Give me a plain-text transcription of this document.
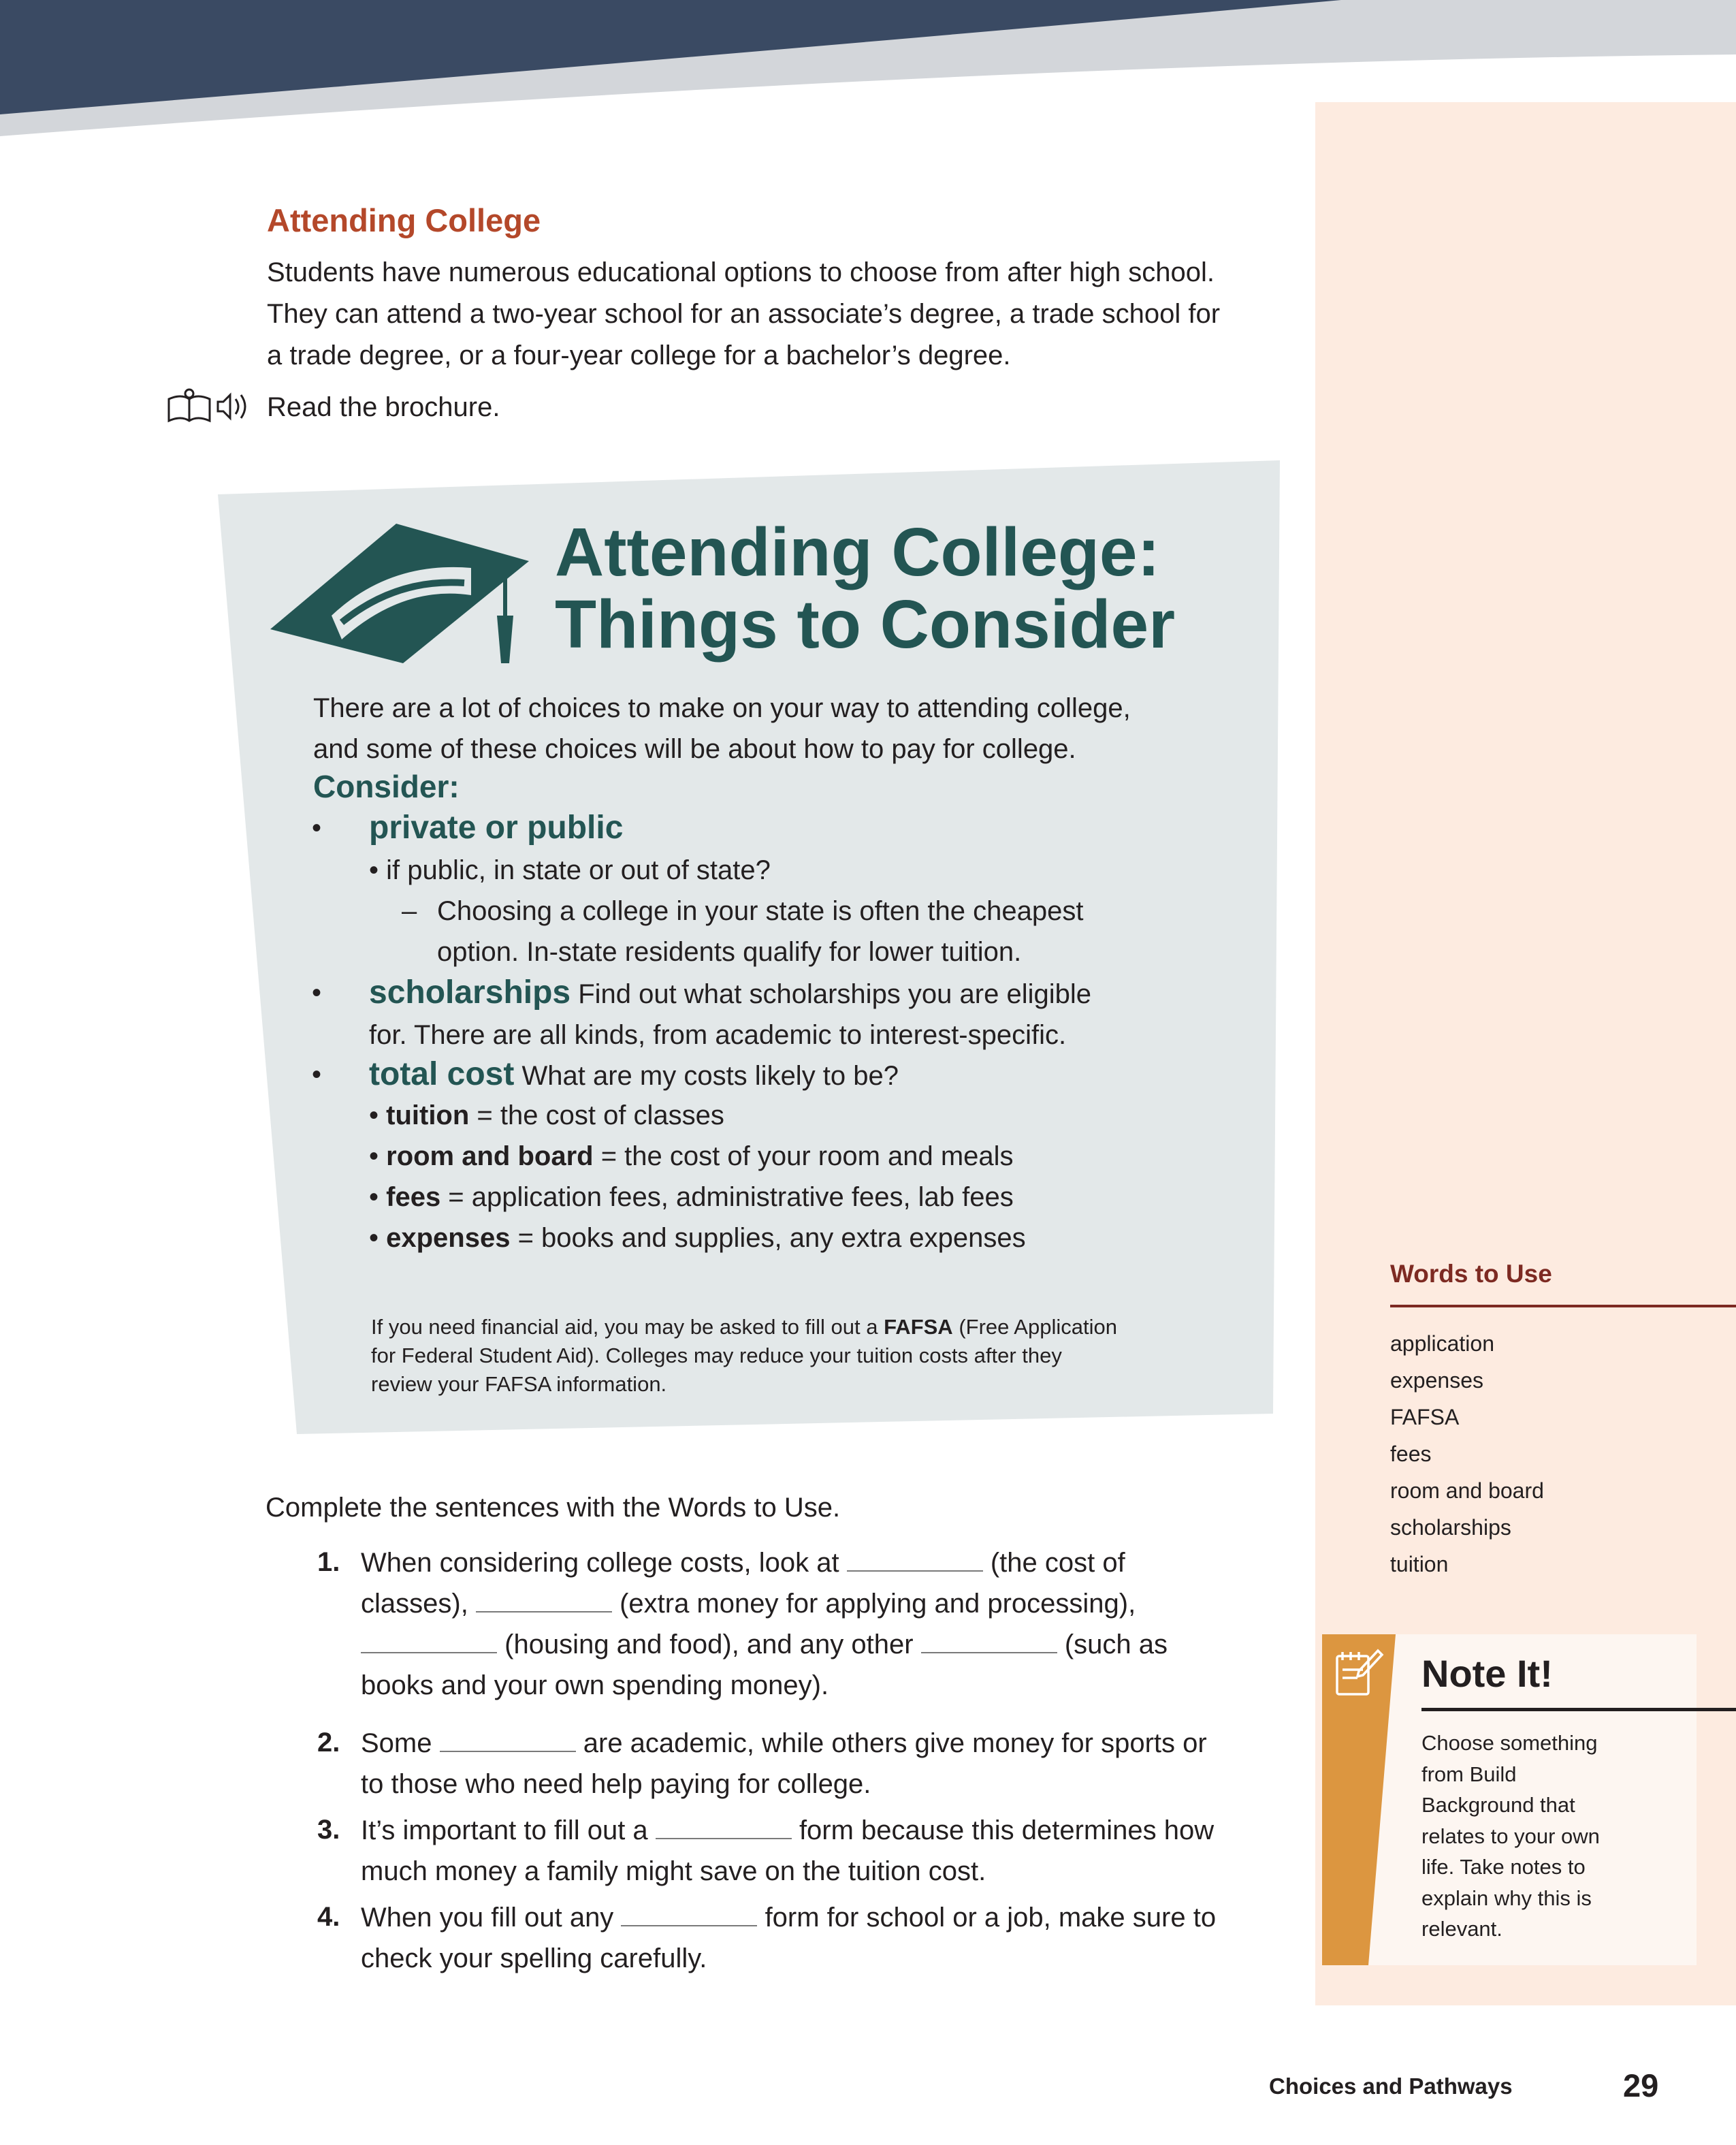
Attending College
Students have numerous educational options to choose from after high school.
They can attend a two-year school for an associate’s degree, a trade school for
a trade degree, or a four-year college for a bachelor’s degree.
Read the brochure.
Attending College:
Things to Consider
There are a lot of choices to make on your way to attending college,
and some of these choices will be about how to pay for college.
Consider:
• private or public
• if public, in state or out of state?
– Choosing a college in your state is often the cheapest
option. In-state residents qualify for lower tuition.
• scholarships Find out what scholarships you are eligible
for. There are all kinds, from academic to interest-specific.
• total cost What are my costs likely to be?
• tuition = the cost of classes
• room and board = the cost of your room and meals
• fees = application fees, administrative fees, lab fees
• expenses = books and supplies, any extra expenses
If you need financial aid, you may be asked to fill out a FAFSA (Free Application
for Federal Student Aid). Colleges may reduce your tuition costs after they
review your FAFSA information.
Complete the sentences with the Words to Use.
1. When considering college costs, look at	(the cost of
classes),	(extra money for applying and processing),
(housing and food), and any other	(such as
books and your own spending money).
2. Some	are academic, while others give money for sports or
to those who need help paying for college.
3. It’s important to fill out a	form because this determines how
much money a family might save on the tuition cost.
4. When you fill out any	form for school or a job, make sure to
check your spelling carefully.
Words to Use
application
expenses
FAFSA
fees
room and board
scholarships
tuition
Note It!
Choose something
from Build
Background that
relates to your own
life. Take notes to
explain why this is
relevant.
Choices and Pathways	29
